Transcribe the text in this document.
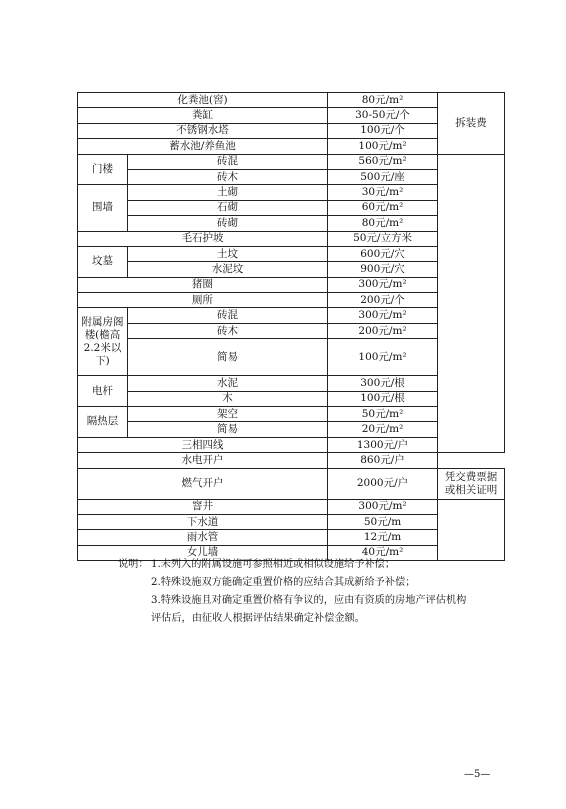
化粪池(窖)		80元/m²	拆装费
粪缸		30-50元/个	
不锈钢水塔		100元/个	
蓄水池/养鱼池		100元/m²	
门楼	砖混	560元/m²	
	砖木	500元/座	
围墙	土砌	30元/m²	
	石砌	60元/m²	
	砖砌	80元/m²	
毛石护坡		50元/立方米	
坟墓	土坟	600元/穴	
	水泥坟	900元/穴	
猪圈		300元/m²	
厕所		200元/个	
附属房阁楼(檐高2.2米以下)	砖混	300元/m²	
	砖木	200元/m²	
	简易	100元/m²	
电杆	水泥	300元/根	
	木	100元/根	
隔热层	架空	50元/m²	
	简易	20元/m²	
三相四线		1300元/户	
水电开户		860元/户	
燃气开户		2000元/户	凭交费票据或相关证明
窨井		300元/m²	
下水道		50元/m	
雨水管		12元/m	
女儿墙		40元/m²	
说明： 1.未列入的附属设施可参照相近或相似设施给予补偿；

2.特殊设施双方能确定重置价格的应结合其成新给予补偿；

3.特殊设施且对确定重置价格有争议的，应由有资质的房地产评估机构

评估后，由征收人根据评估结果确定补偿金额。

—5—
